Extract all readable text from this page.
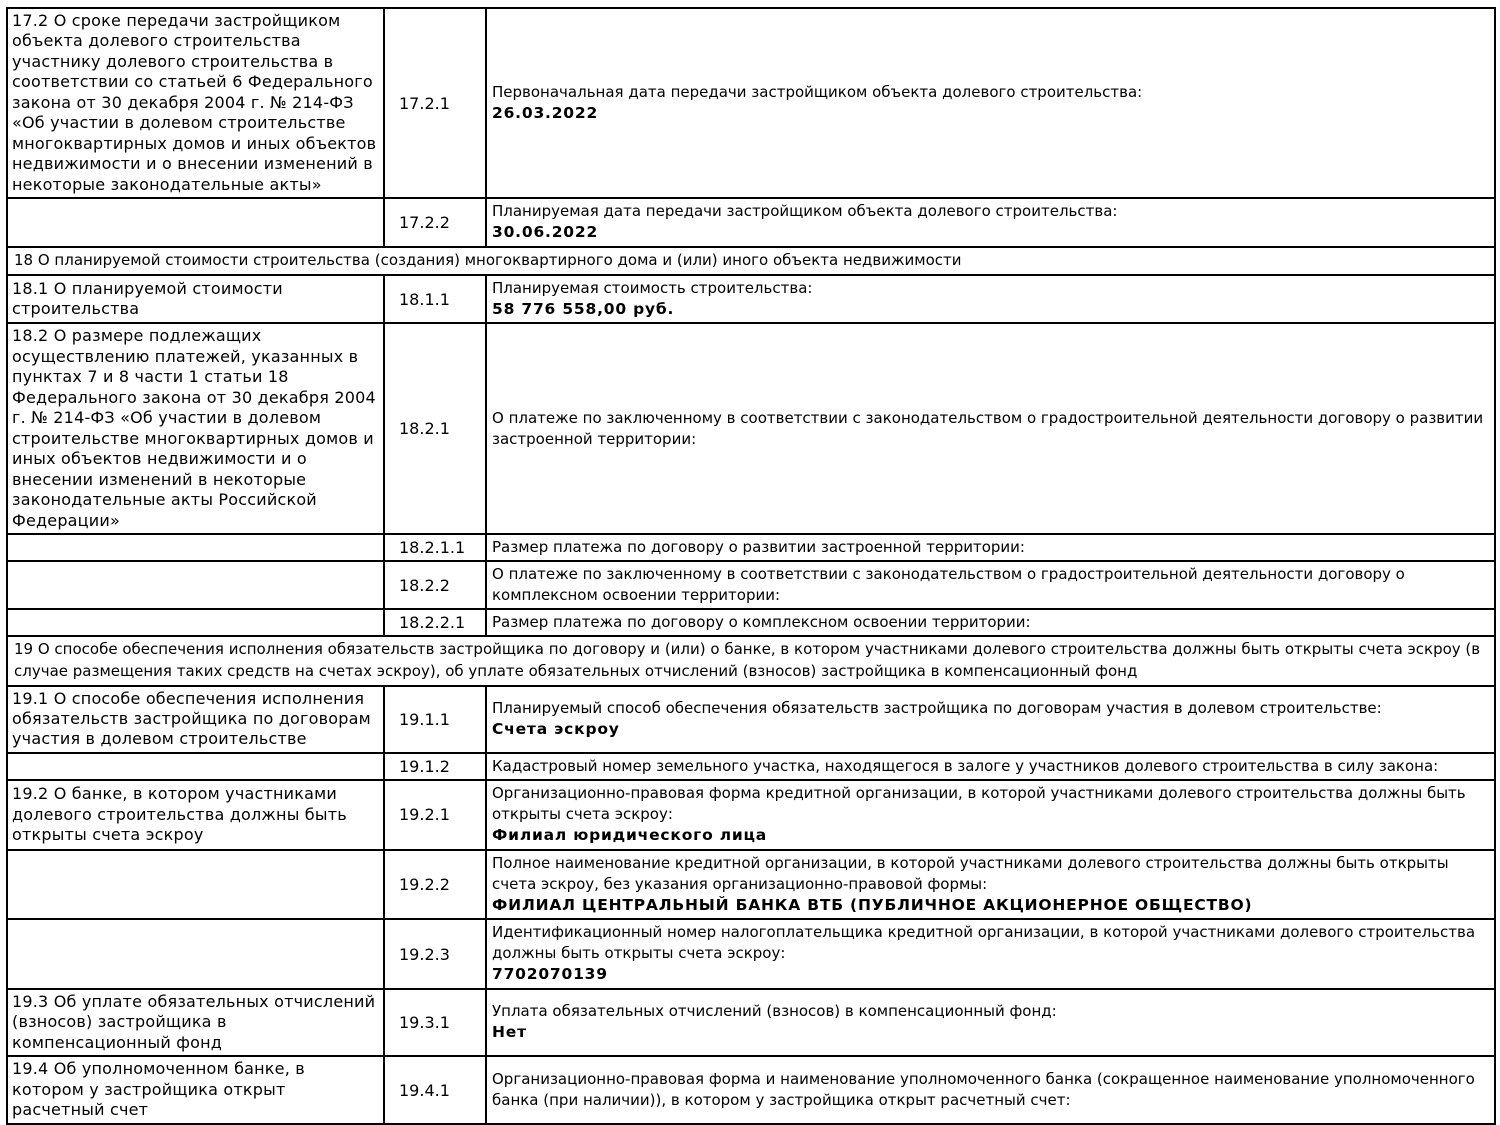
17.2 О сроке передачи застройщиком объекта долевого строительства участнику долевого строительства в соответствии со статьей 6 Федерального закона от 30 декабря 2004 г. № 214-ФЗ «Об участии в долевом строительстве многоквартирных домов и иных объектов недвижимости и о внесении изменений в некоторые законодательные акты»	17.2.1	Первоначальная дата передачи застройщиком объекта долевого строительства:
26.03.2022

	17.2.2	Планируемая дата передачи застройщиком объекта долевого строительства:
30.06.2022

18 О планируемой стоимости строительства (создания) многоквартирного дома и (или) иного объекта недвижимости		
18.1 О планируемой стоимости строительства	18.1.1	Планируемая стоимость строительства:
58 776 558,00 руб.

18.2 О размере подлежащих осуществлению платежей, указанных в пунктах 7 и 8 части 1 статьи 18 Федерального закона от 30 декабря 2004 г. № 214-ФЗ «Об участии в долевом строительстве многоквартирных домов и иных объектов недвижимости и о внесении изменений в некоторые законодательные акты Российской Федерации»	18.2.1	О платеже по заключенному в соответствии с законодательством о градостроительной деятельности договору о развитии застроенной территории:

	18.2.1.1	Размер платежа по договору о развитии застроенной территории:

	18.2.2	О платеже по заключенному в соответствии с законодательством о градостроительной деятельности договору о комплексном освоении территории:

	18.2.2.1	Размер платежа по договору о комплексном освоении территории:

19 О способе обеспечения исполнения обязательств застройщика по договору и (или) о банке, в котором участниками долевого строительства должны быть открыты счета эскроу (в случае размещения таких средств на счетах эскроу), об уплате обязательных отчислений (взносов) застройщика в компенсационный фонд		
19.1 О способе обеспечения исполнения обязательств застройщика по договорам участия в долевом строительстве	19.1.1	Планируемый способ обеспечения обязательств застройщика по договорам участия в долевом строительстве:
Счета эскроу

	19.1.2	Кадастровый номер земельного участка, находящегося в залоге у участников долевого строительства в силу закона:

19.2 О банке, в котором участниками долевого строительства должны быть открыты счета эскроу	19.2.1	Организационно-правовая форма кредитной организации, в которой участниками долевого строительства должны быть открыты счета эскроу:
Филиал юридического лица

	19.2.2	Полное наименование кредитной организации, в которой участниками долевого строительства должны быть открыты счета эскроу, без указания организационно-правовой формы:
ФИЛИАЛ ЦЕНТРАЛЬНЫЙ БАНКА ВТБ (ПУБЛИЧНОЕ АКЦИОНЕРНОЕ ОБЩЕСТВО)

	19.2.3	Идентификационный номер налогоплательщика кредитной организации, в которой участниками долевого строительства должны быть открыты счета эскроу:
7702070139

19.3 Об уплате обязательных отчислений (взносов) застройщика в компенсационный фонд	19.3.1	Уплата обязательных отчислений (взносов) в компенсационный фонд:
Нет

19.4 Об уполномоченном банке, в котором у застройщика открыт расчетный счет	19.4.1	Организационно-правовая форма и наименование уполномоченного банка (сокращенное наименование уполномоченного банка (при наличии)), в котором у застройщика открыт расчетный счет:
